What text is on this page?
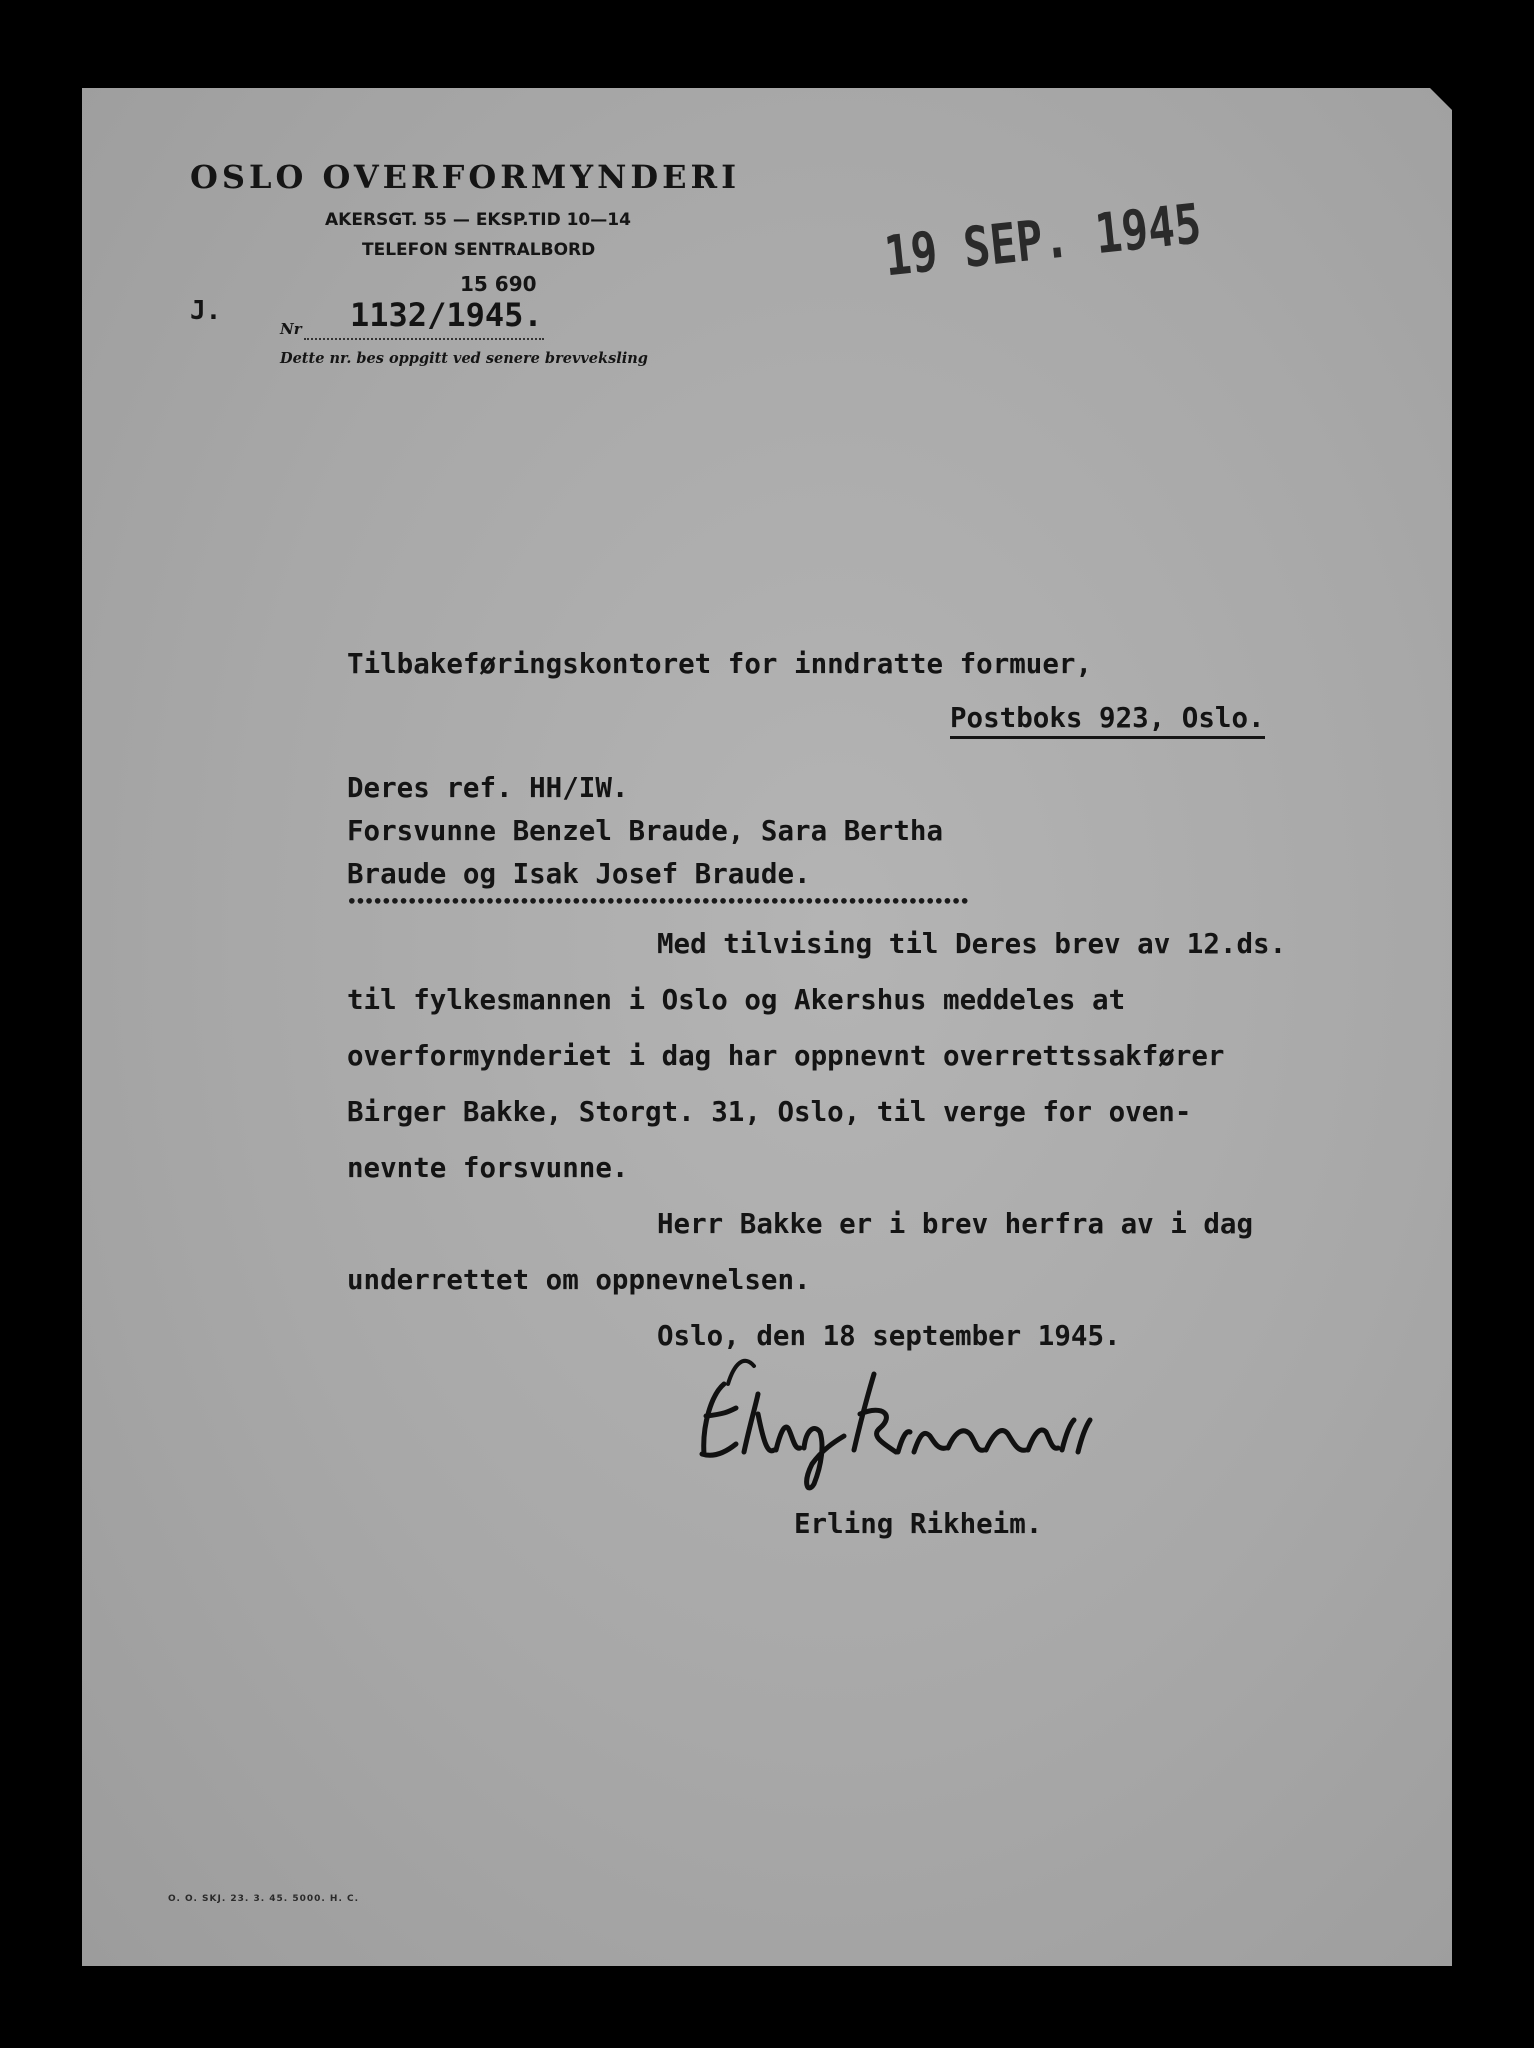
OSLO OVERFORMYNDERI
AKERSGT. 55 — EKSP.TID 10—14
TELEFON SENTRALBORD
15 690
J.
Nr 1132/1945.
Dette nr. bes oppgitt ved senere brevveksling
19 SEP. 1945
Tilbakeføringskontoret for inndratte formuer,
Postboks 923, Oslo.
Deres ref. HH/IW.
Forsvunne Benzel Braude, Sara Bertha
Braude og Isak Josef Braude.
••••••••••••••••••••••••••••••••••••••••••••••••••••••••••••••••••••••••
Med tilvising til Deres brev av 12.ds.
til fylkesmannen i Oslo og Akershus meddeles at
overformynderiet i dag har oppnevnt overrettssakfører
Birger Bakke, Storgt. 31, Oslo, til verge for oven-
nevnte forsvunne.
Herr Bakke er i brev herfra av i dag
underrettet om oppnevnelsen.
Oslo, den 18 september 1945.
Erling Rikheim.
O. O. SKJ. 23. 3. 45. 5000. H. C.
